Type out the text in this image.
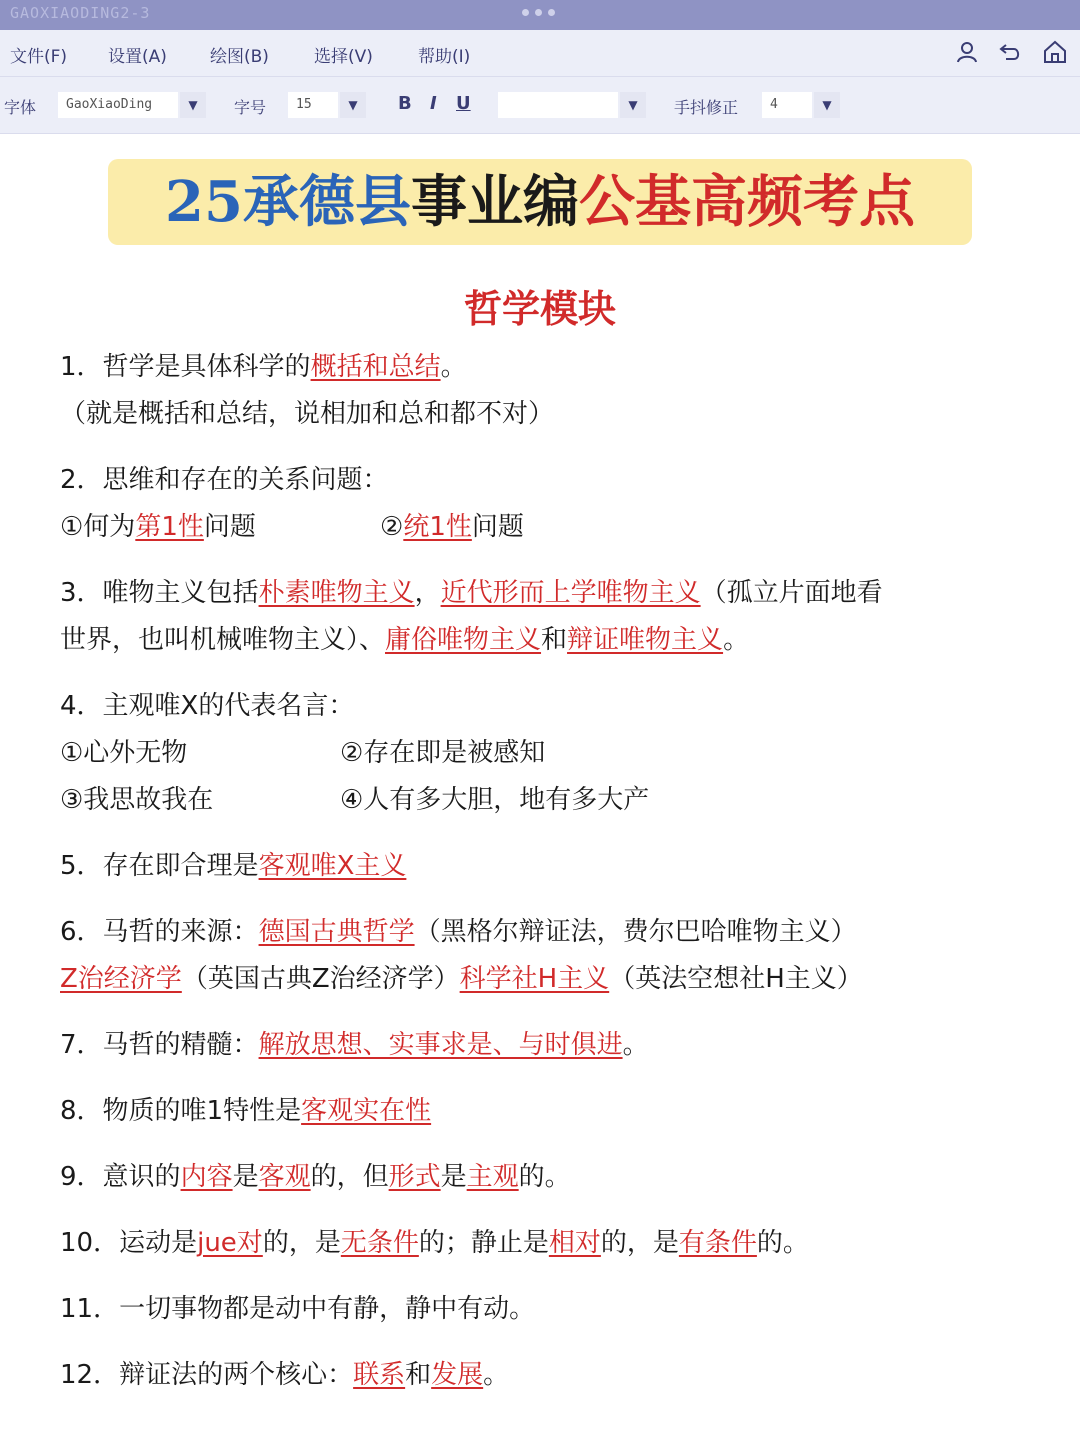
GAOXIAODING2-3
文件(F) 设置(A)	绘图(B)	选择(V)	帮助(I)
字体	GaoXiaoDing	▼	字号	15	▼	B I U	▼	手抖修正	4	▼
25承德县事业编公基高频考点
哲学模块
1．哲学是具体科学的概括和总结。
（就是概括和总结，说相加和总和都不对）
2．思维和存在的关系问题：
①何为第1性问题	②统1性问题
3．唯物主义包括朴素唯物主义，近代形而上学唯物主义（孤立片面地看
世界，也叫机械唯物主义）、庸俗唯物主义和辩证唯物主义。
4．主观唯X的代表名言：
①心外无物	②存在即是被感知
③我思故我在	④人有多大胆，地有多大产
5．存在即合理是客观唯X主义
6．马哲的来源：德国古典哲学（黑格尔辩证法，费尔巴哈唯物主义）
Z治经济学（英国古典Z治经济学）科学社H主义（英法空想社H主义）
7．马哲的精髓：解放思想、实事求是、与时俱进。
8．物质的唯1特性是客观实在性
9．意识的内容是客观的，但形式是主观的。
10．运动是jue对的，是无条件的；静止是相对的，是有条件的。
11．一切事物都是动中有静，静中有动。
12．辩证法的两个核心：联系和发展。
